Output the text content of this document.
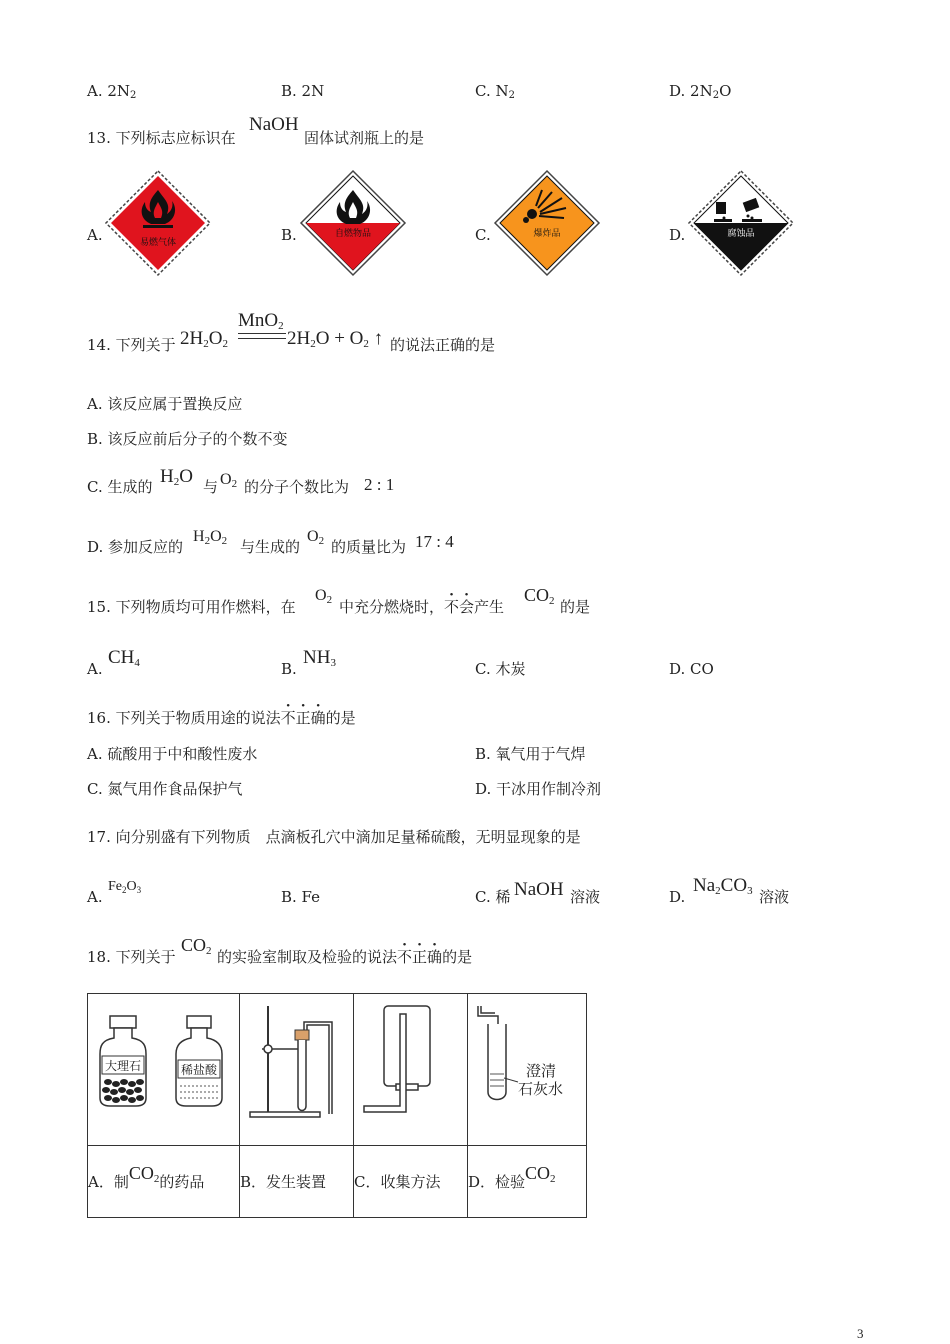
A. $2N_2$	B. 2N	C. $N_2$	D. $2N_2O$
13. 下列标志应标识在
NaOH
固体试剂瓶上的是
A.	B.	C.	D.
易燃气体
自燃物品	爆炸品	腐蚀品
14. 下列关于 $2H_2O_2$
MnO$_2$
$2H_2O + O_2$ ↑ 的说法正确的是
A. 该反应属于置换反应
B. 该反应前后分子的个数不变
C. 生成的 $H_2O$ 与 $O_2$ 的分子个数比为 2 : 1
D. 参加反应的
$H_2O_2$ 与生成的
$O_2$ 的质量比为 17 : 4
15. 下列物质均可用作燃料，在
$O_2$ 中充分燃烧时，不会产生
$CO_2$ 的是
A.
$CH_4$	B.
$NH_3$	C. 木炭	D. CO
16. 下列关于物质用途的说法不正确的是
A. 硫酸用于中和酸性废水	B. 氧气用于气焊
C. 氮气用作食品保护气	D. 干冰用作制冷剂
17. 向分别盛有下列物质　点滴板孔穴中滴加足量稀硫酸，无明显现象的是
A.
$Fe_2O_3$	B. Fe	C. 稀 NaOH 溶液	D.
$Na_2CO_3$ 溶液
18. 下列关于
$CO_2$ 的实验室制取及检验的说法不正确的是
大理石 稀盐酸			澄清
石灰水

A．制$CO_2$的药品	B．发生装置	C．收集方法	D．检验$CO_2$
3
